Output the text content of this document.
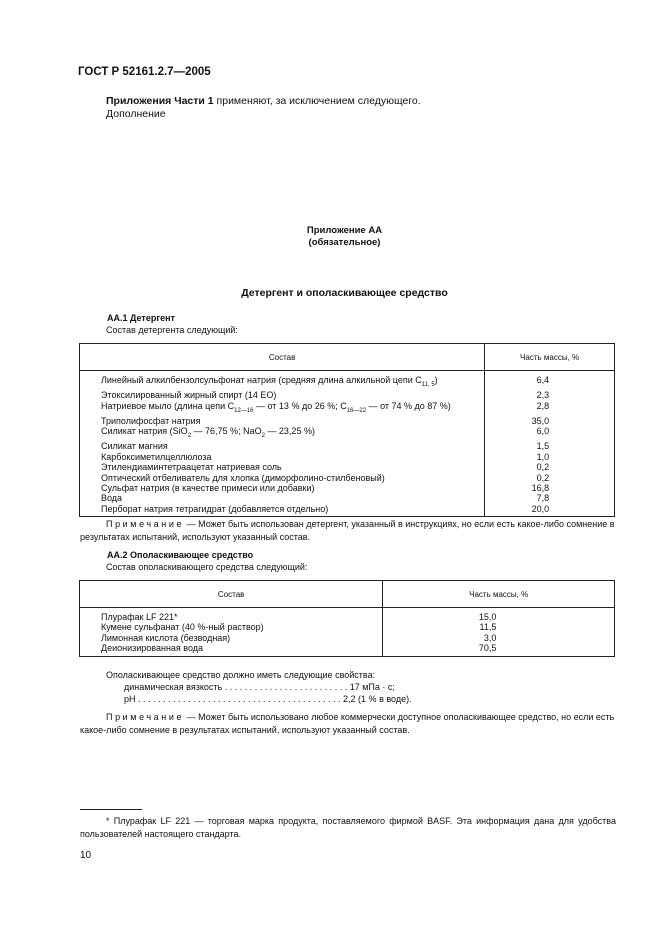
ГОСТ Р 52161.2.7—2005
Приложения Части 1 применяют, за исключением следующего.
Дополнение
Приложение АА
(обязательное)
Детергент и ополаскивающее средство
АА.1 Детергент
Состав детергента следующий:
Состав	Часть массы, %
Линейный алкилбензолсульфонат натрия (средняя длина алкильной цепи $С_{11, 5}$)	6,4
Этоксилированный жирный спирт (14 ЕО)	2,3
Натриевое мыло (длина цепи $С_{12—16}$ — от 13 % до 26 %; $С_{16—22}$ — от 74 % до 87 %)	2,8
Триполифосфат натрия	35,0
Силикат натрия (SiO$_2$ — 76,75 %; NaO$_2$ — 23,25 %)	6,0
Силикат магния	1,5
Карбоксиметилцеллюлоза	1,0
Этилендиаминтетраацетат натриевая соль	0,2
Оптический отбеливатель для хлопка (диморфолино-стилбеновый)	0,2
Сульфат натрия (в качестве примеси или добавки)	16,8
Вода	7,8
Перборат натрия тетрагидрат (добавляется отдельно)	20,0
Примечание — Может быть использован детергент, указанный в инструкциях, но если есть какое-либо сомнение в результатах испытаний, используют указанный состав.
АА.2 Ополаскивающее средство
Состав ополаскивающего средства следующий:
Состав	Часть массы, %
Плурафак LF 221*	15,0
Кумене сульфанат (40 %-ный раствор)	11,5
Лимонная кислота (безводная)	3,0
Деионизированная вода	70,5
Ополаскивающее средство должно иметь следующие свойства:
динамическая вязкость . . . . . . . . . . . . . . . . . . . . . . . . . 17 мПа · с;
pH . . . . . . . . . . . . . . . . . . . . . . . . . . . . . . . . . . . . . . . . . 2,2 (1 % в воде).
Примечание — Может быть использовано любое коммерчески доступное ополаскивающее средство, но если есть какое-либо сомнение в результатах испытаний, используют указанный состав.
* Плурафак LF 221 — торговая марка продукта, поставляемого фирмой BASF. Эта информация дана для удобства пользователей настоящего стандарта.
10
